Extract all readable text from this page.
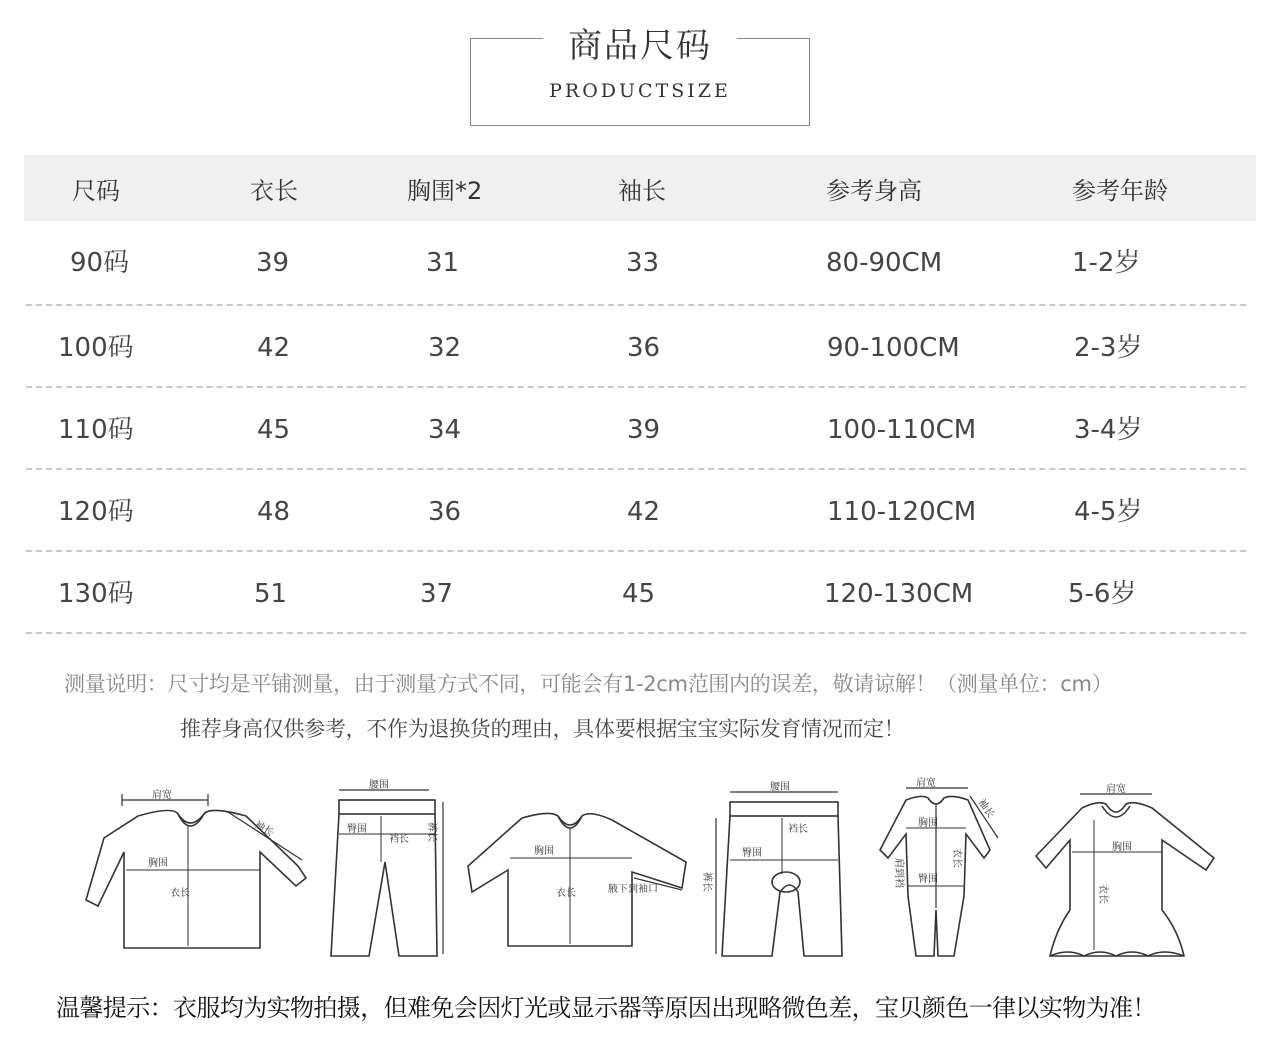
商品尺码
PRODUCTSIZE
尺码	衣长	胸围*2	袖长	参考身高	参考年龄
90码	39	31	33	80-90CM	1-2岁
100码	42	32	36	90-100CM	2-3岁
110码	45	34	39	100-110CM	3-4岁
120码	48	36	42	110-120CM	4-5岁
130码	51	37	45	120-130CM	5-6岁
测量说明：尺寸均是平铺测量，由于测量方式不同，可能会有1-2cm范围内的误差，敬请谅解！（测量单位：cm）
推荐身高仅供参考，不作为退换货的理由，具体要根据宝宝实际发育情况而定！
肩宽
胸围
衣长
袖长
腰围
臀围
裆长 裤长
胸围
衣长	腋下到袖口
腰围
臀围
裆长
裤长
肩宽
胸围
袖长
肩到裆 臀围
衣长
肩宽
胸围
衣长
温馨提示：衣服均为实物拍摄，但难免会因灯光或显示器等原因出现略微色差，宝贝颜色一律以实物为准！
